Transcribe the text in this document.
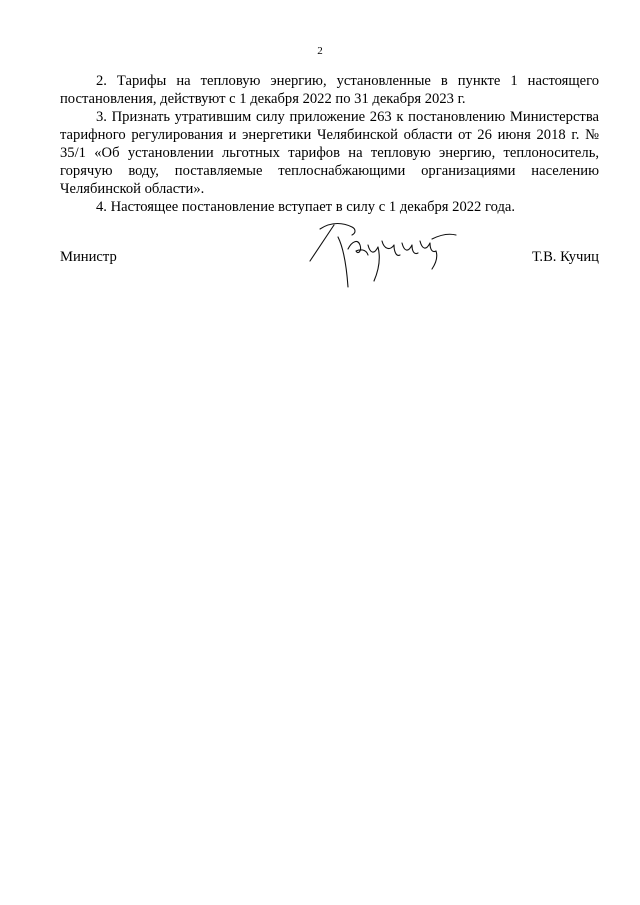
2

2. Тарифы на тепловую энергию, установленные в пункте 1 настоящего постановления, действуют с 1 декабря 2022 по 31 декабря 2023 г.

3. Признать утратившим силу приложение 263 к постановлению Министерства тарифного регулирования и энергетики Челябинской области от 26 июня 2018 г. № 35/1 «Об установлении льготных тарифов на тепловую энергию, теплоноситель, горячую воду, поставляемые теплоснабжающими организациями населению Челябинской области».

4. Настоящее постановление вступает в силу с 1 декабря 2022 года.

Министр	Т.В. Кучиц
